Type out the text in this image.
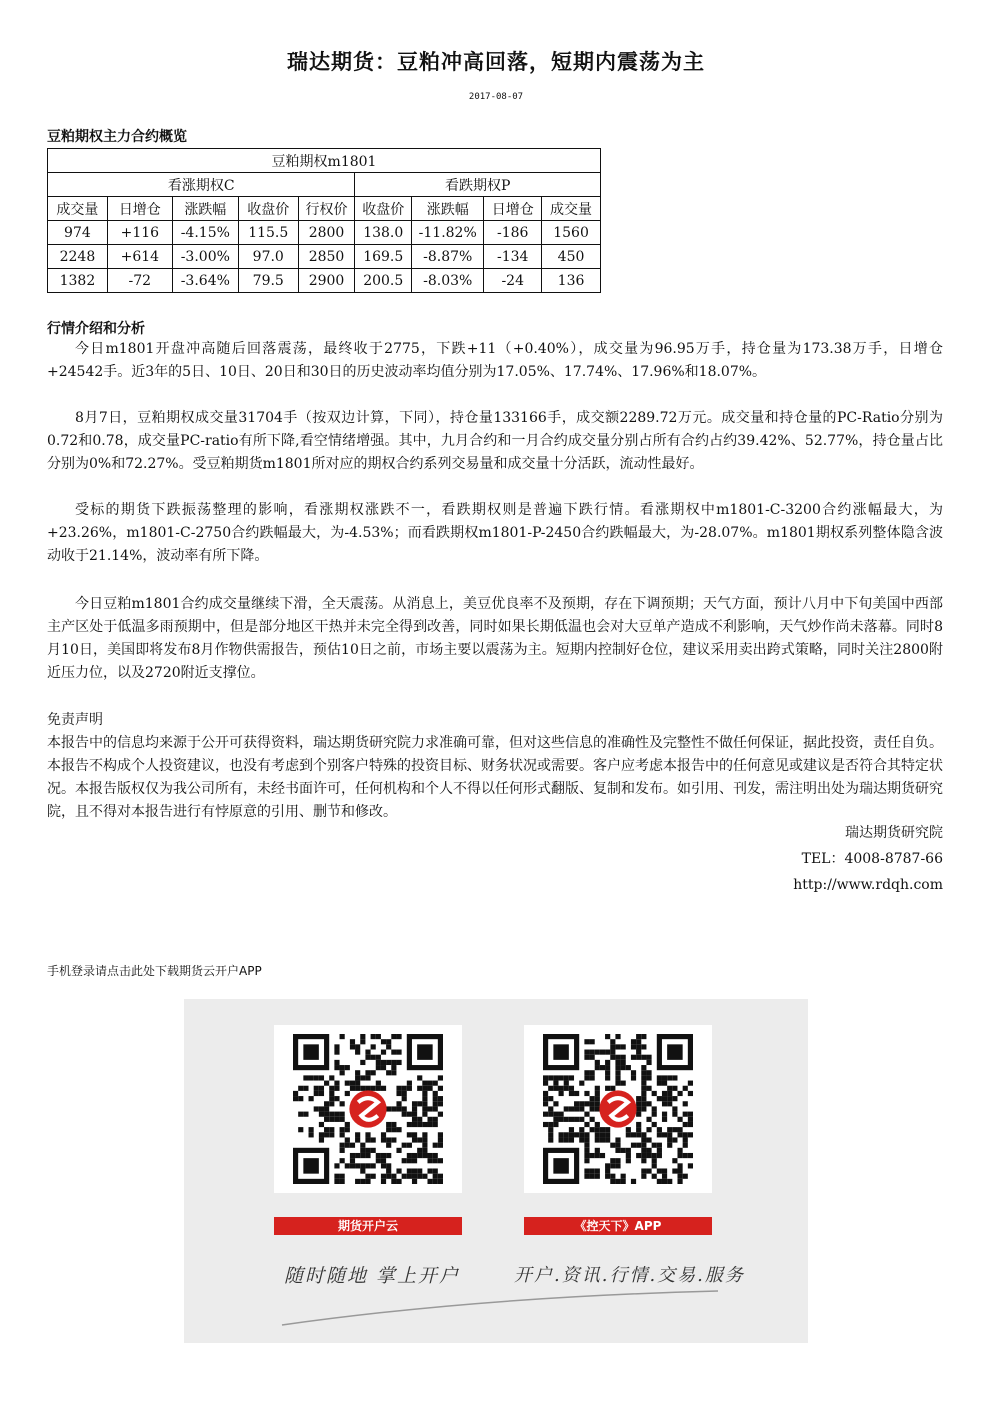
瑞达期货：豆粕冲高回落，短期内震荡为主
2017-08-07
豆粕期权主力合约概览
豆粕期权m1801								
看涨期权C					看跌期权P			
成交量	日增仓	涨跌幅	收盘价	行权价	收盘价	涨跌幅	日增仓	成交量
974	+116	-4.15%	115.5	2800	138.0	-11.82%	-186	1560
2248	+614	-3.00%	97.0	2850	169.5	-8.87%	-134	450
1382	-72	-3.64%	79.5	2900	200.5	-8.03%	-24	136
行情介绍和分析
今日m1801开盘冲高随后回落震荡，最终收于2775，下跌+11（+0.40%），成交量为96.95万手，持仓量为173.38万手，日增仓+24542手。近3年的5日、10日、20日和30日的历史波动率均值分别为17.05%、17.74%、17.96%和18.07%。
8月7日，豆粕期权成交量31704手（按双边计算，下同），持仓量133166手，成交额2289.72万元。成交量和持仓量的PC-Ratio分别为0.72和0.78，成交量PC-ratio有所下降,看空情绪增强。其中，九月合约和一月合约成交量分别占所有合约占约39.42%、52.77%，持仓量占比分别为0%和72.27%。受豆粕期货m1801所对应的期权合约系列交易量和成交量十分活跃，流动性最好。
受标的期货下跌振荡整理的影响，看涨期权涨跌不一，看跌期权则是普遍下跌行情。看涨期权中m1801-C-3200合约涨幅最大，为+23.26%，m1801-C-2750合约跌幅最大，为-4.53%；而看跌期权m1801-P-2450合约跌幅最大，为-28.07%。m1801期权系列整体隐含波动收于21.14%，波动率有所下降。
今日豆粕m1801合约成交量继续下滑，全天震荡。从消息上，美豆优良率不及预期，存在下调预期；天气方面，预计八月中下旬美国中西部主产区处于低温多雨预期中，但是部分地区干热并未完全得到改善，同时如果长期低温也会对大豆单产造成不利影响，天气炒作尚未落幕。同时8月10日，美国即将发布8月作物供需报告，预估10日之前，市场主要以震荡为主。短期内控制好仓位，建议采用卖出跨式策略，同时关注2800附近压力位，以及2720附近支撑位。
免责声明
本报告中的信息均来源于公开可获得资料，瑞达期货研究院力求准确可靠，但对这些信息的准确性及完整性不做任何保证，据此投资，责任自负。本报告不构成个人投资建议，也没有考虑到个别客户特殊的投资目标、财务状况或需要。客户应考虑本报告中的任何意见或建议是否符合其特定状况。本报告版权仅为我公司所有，未经书面许可，任何机构和个人不得以任何形式翻版、复制和发布。如引用、刊发，需注明出处为瑞达期货研究院，且不得对本报告进行有悖原意的引用、删节和修改。
瑞达期货研究院
TEL：4008-8787-66
http://www.rdqh.com
手机登录请点击此处下载期货云开户APP
期货开户云	《控天下》APP
随时随地 掌上开户	开户.资讯.行情.交易.服务
